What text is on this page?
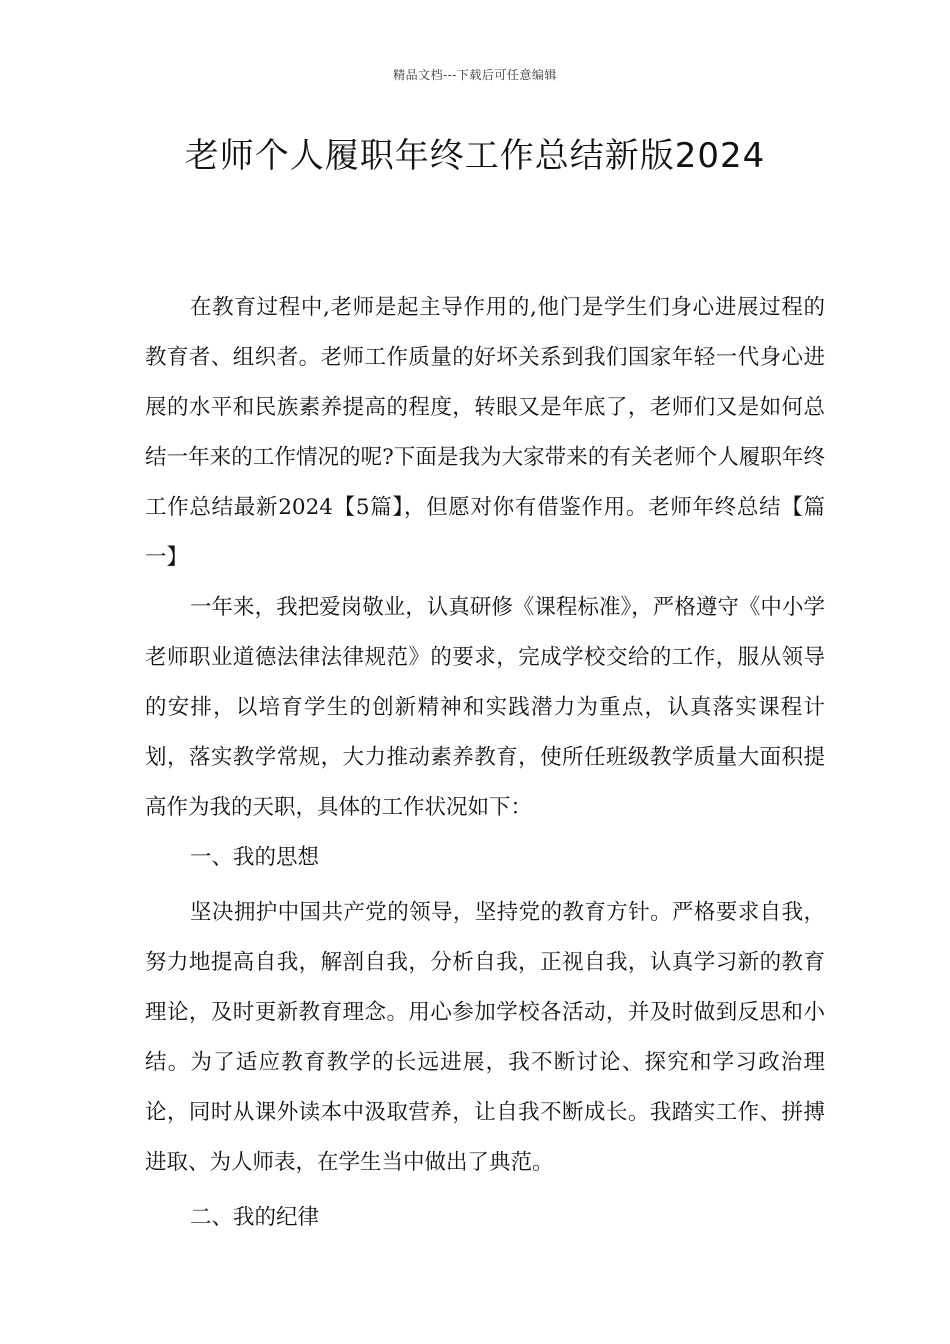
精品文档---下载后可任意编辑
老师个人履职年终工作总结新版2024

在教育过程中,老师是起主导作用的,他门是学生们身心进展过程的教育者、组织者。老师工作质量的好坏关系到我们国家年轻一代身心进展的水平和民族素养提高的程度，转眼又是年底了，老师们又是如何总结一年来的工作情况的呢?下面是我为大家带来的有关老师个人履职年终工作总结最新2024【5篇】，但愿对你有借鉴作用。老师年终总结【篇一】

一年来，我把爱岗敬业，认真研修《课程标准》，严格遵守《中小学老师职业道德法律法律规范》的要求，完成学校交给的工作，服从领导的安排，以培育学生的创新精神和实践潜力为重点，认真落实课程计划，落实教学常规，大力推动素养教育，使所任班级教学质量大面积提高作为我的天职，具体的工作状况如下：

一、我的思想

坚决拥护中国共产党的领导，坚持党的教育方针。严格要求自我，努力地提高自我，解剖自我，分析自我，正视自我，认真学习新的教育理论，及时更新教育理念。用心参加学校各活动，并及时做到反思和小结。为了适应教育教学的长远进展，我不断讨论、探究和学习政治理论，同时从课外读本中汲取营养，让自我不断成长。我踏实工作、拼搏进取、为人师表，在学生当中做出了典范。

二、我的纪律
